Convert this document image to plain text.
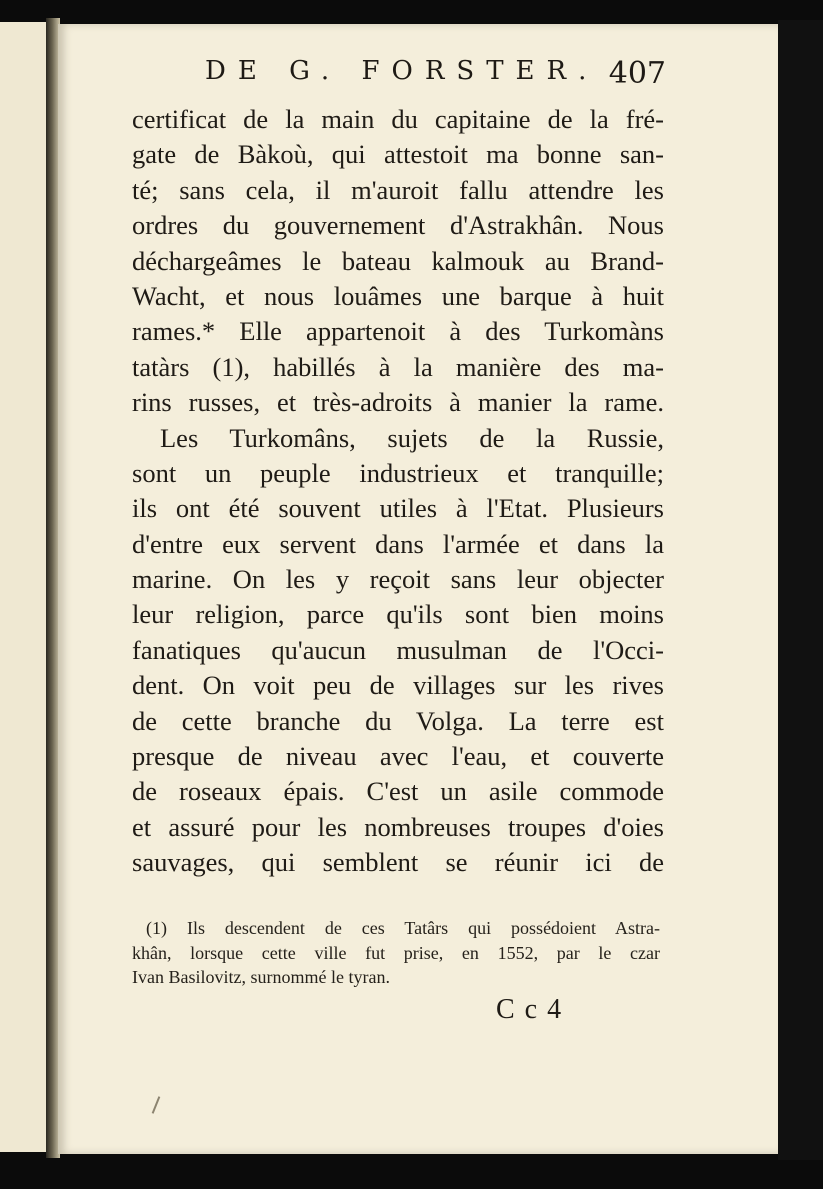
DE G. FORSTER. 407
certificat de la main du capitaine de la fré-
gate de Bàkoù, qui attestoit ma bonne san-
té; sans cela, il m'auroit fallu attendre les
ordres du gouvernement d'Astrakhân. Nous
déchargeâmes le bateau kalmouk au Brand-
Wacht, et nous louâmes une barque à huit
rames.* Elle appartenoit à des Turkomàns
tatàrs (1), habillés à la manière des ma-
rins russes, et très-adroits à manier la rame.
Les Turkomâns, sujets de la Russie,
sont un peuple industrieux et tranquille;
ils ont été souvent utiles à l'Etat. Plusieurs
d'entre eux servent dans l'armée et dans la
marine. On les y reçoit sans leur objecter
leur religion, parce qu'ils sont bien moins
fanatiques qu'aucun musulman de l'Occi-
dent. On voit peu de villages sur les rives
de cette branche du Volga. La terre est
presque de niveau avec l'eau, et couverte
de roseaux épais. C'est un asile commode
et assuré pour les nombreuses troupes d'oies
sauvages, qui semblent se réunir ici de
(1) Ils descendent de ces Tatârs qui possédoient Astra-
khân, lorsque cette ville fut prise, en 1552, par le czar
Ivan Basilovitz, surnommé le tyran.
Cc4
